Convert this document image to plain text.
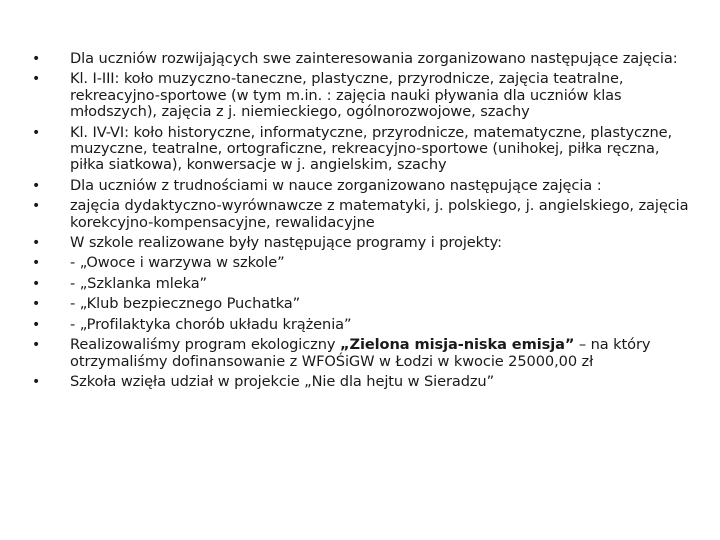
• Dla uczniów rozwijających swe zainteresowania zorganizowano następujące zajęcia:
• Kl. I-III: koło muzyczno-taneczne, plastyczne, przyrodnicze, zajęcia teatralne, rekreacyjno-sportowe (w tym m.in. : zajęcia nauki pływania dla uczniów klas młodszych), zajęcia z j. niemieckiego, ogólnorozwojowe, szachy
• Kl. IV-VI: koło historyczne, informatyczne, przyrodnicze, matematyczne, plastyczne, muzyczne, teatralne, ortograficzne, rekreacyjno-sportowe (unihokej, piłka ręczna, piłka siatkowa), konwersacje w j. angielskim, szachy
• Dla uczniów z trudnościami w nauce zorganizowano następujące zajęcia :
• zajęcia dydaktyczno-wyrównawcze z matematyki, j. polskiego, j. angielskiego, zajęcia korekcyjno-kompensacyjne, rewalidacyjne
• W szkole realizowane były następujące programy i projekty:
• - „Owoce i warzywa w szkole”
• - „Szklanka mleka”
• - „Klub bezpiecznego Puchatka”
• - „Profilaktyka chorób układu krążenia”
• Realizowaliśmy program ekologiczny „Zielona misja-niska emisja” – na który otrzymaliśmy dofinansowanie z WFOŚiGW w Łodzi w kwocie 25000,00 zł
• Szkoła wzięła udział w projekcie „Nie dla hejtu w Sieradzu”
